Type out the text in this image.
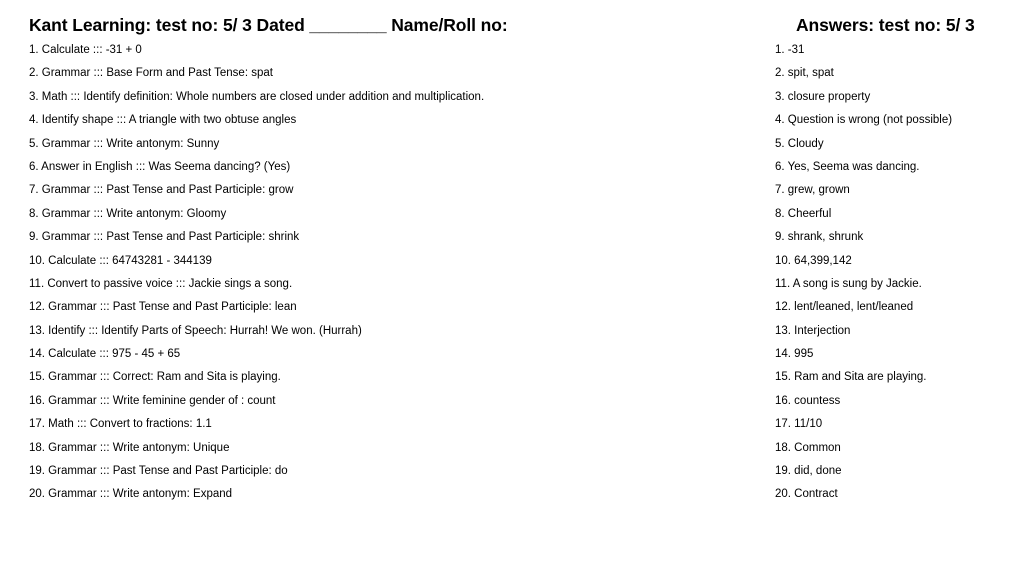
Kant Learning: test no: 5/ 3 Dated ________ Name/Roll no:	Answers: test no: 5/ 3
1. Calculate ::: -31 + 0
2. Grammar ::: Base Form and Past Tense: spat
3. Math ::: Identify definition: Whole numbers are closed under addition and multiplication.
4. Identify shape ::: A triangle with two obtuse angles
5. Grammar ::: Write antonym: Sunny
6. Answer in English ::: Was Seema dancing? (Yes)
7. Grammar ::: Past Tense and Past Participle: grow
8. Grammar ::: Write antonym: Gloomy
9. Grammar ::: Past Tense and Past Participle: shrink
10. Calculate ::: 64743281 - 344139
11. Convert to passive voice ::: Jackie sings a song.
12. Grammar ::: Past Tense and Past Participle: lean
13. Identify ::: Identify Parts of Speech: Hurrah! We won. (Hurrah)
14. Calculate ::: 975 - 45 + 65
15. Grammar ::: Correct: Ram and Sita is playing.
16. Grammar ::: Write feminine gender of : count
17. Math ::: Convert to fractions: 1.1
18. Grammar ::: Write antonym: Unique
19. Grammar ::: Past Tense and Past Participle: do
20. Grammar ::: Write antonym: Expand
1. -31
2. spit, spat
3. closure property
4. Question is wrong (not possible)
5. Cloudy
6. Yes, Seema was dancing.
7. grew, grown
8. Cheerful
9. shrank, shrunk
10. 64,399,142
11. A song is sung by Jackie.
12. lent/leaned, lent/leaned
13. Interjection
14. 995
15. Ram and Sita are playing.
16. countess
17. 11/10
18. Common
19. did, done
20. Contract
